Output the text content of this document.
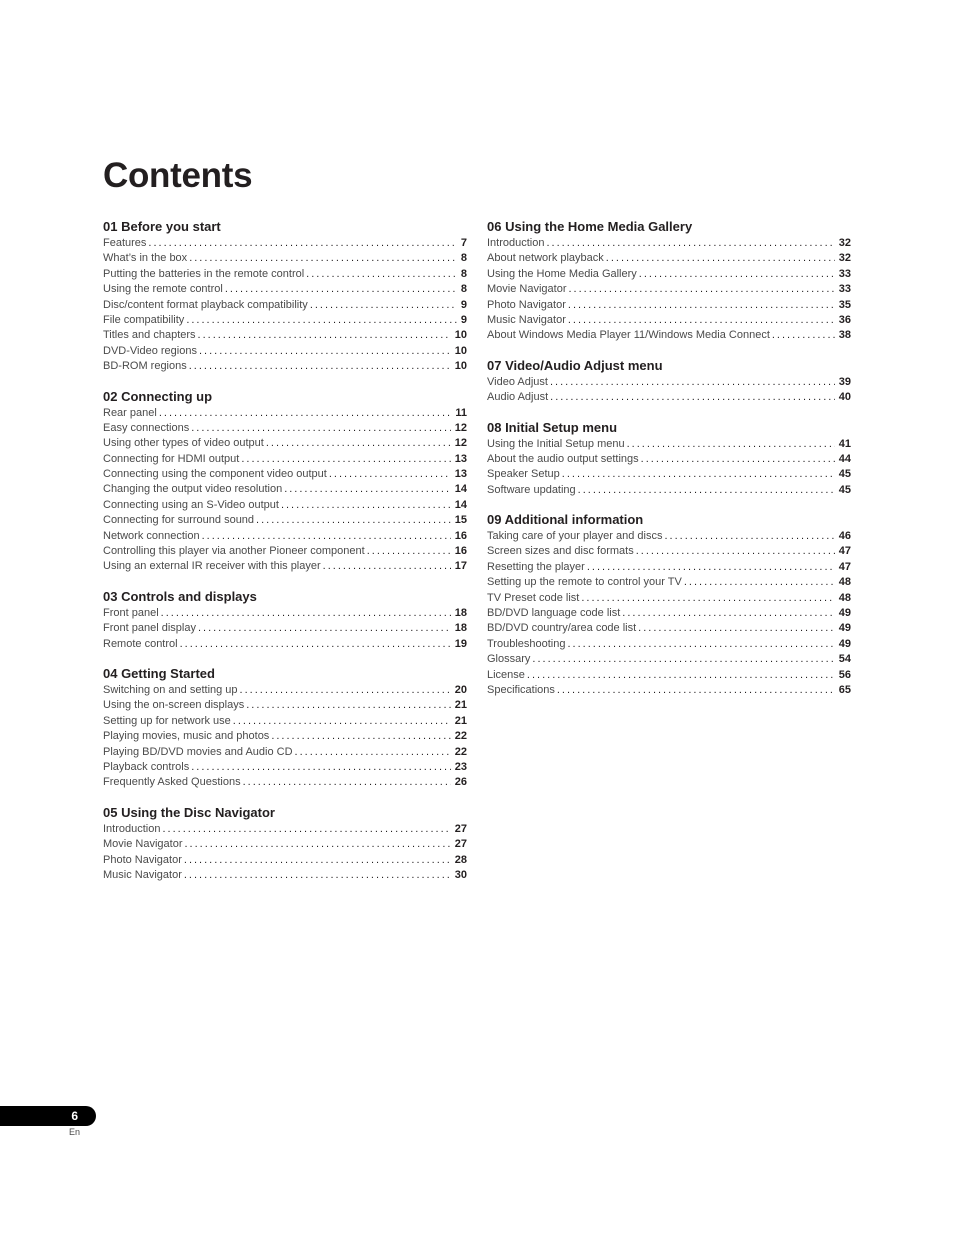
Contents
01 Before you start
Features .....	7
What’s in the box .....	8
Putting the batteries in the remote control .....	8
Using the remote control .....	8
Disc/content format playback compatibility .....	9
File compatibility .....	9
Titles and chapters .....	10
DVD-Video regions .....	10
BD-ROM regions .....	10
02 Connecting up
Rear panel .....	11
Easy connections .....	12
Using other types of video output .....	12
Connecting for HDMI output .....	13
Connecting using the component video output .....	13
Changing the output video resolution .....	14
Connecting using an S-Video output .....	14
Connecting for surround sound .....	15
Network connection .....	16
Controlling this player via another Pioneer component .....	16
Using an external IR receiver with this player .....	17
03 Controls and displays
Front panel .....	18
Front panel display .....	18
Remote control .....	19
04 Getting Started
Switching on and setting up .....	20
Using the on-screen displays .....	21
Setting up for network use .....	21
Playing movies, music and photos .....	22
Playing BD/DVD movies and Audio CD .....	22
Playback controls .....	23
Frequently Asked Questions .....	26
05 Using the Disc Navigator
Introduction .....	27
Movie Navigator .....	27
Photo Navigator .....	28
Music Navigator .....	30
06 Using the Home Media Gallery
Introduction .....	32
About network playback .....	32
Using the Home Media Gallery .....	33
Movie Navigator .....	33
Photo Navigator .....	35
Music Navigator .....	36
About Windows Media Player 11/Windows Media Connect .....	38
07 Video/Audio Adjust menu
Video Adjust .....	39
Audio Adjust .....	40
08 Initial Setup menu
Using the Initial Setup menu .....	41
About the audio output settings .....	44
Speaker Setup .....	45
Software updating .....	45
09 Additional information
Taking care of your player and discs .....	46
Screen sizes and disc formats .....	47
Resetting the player .....	47
Setting up the remote to control your TV .....	48
TV Preset code list .....	48
BD/DVD language code list .....	49
BD/DVD country/area code list .....	49
Troubleshooting .....	49
Glossary .....	54
License .....	56
Specifications .....	65
6
En
